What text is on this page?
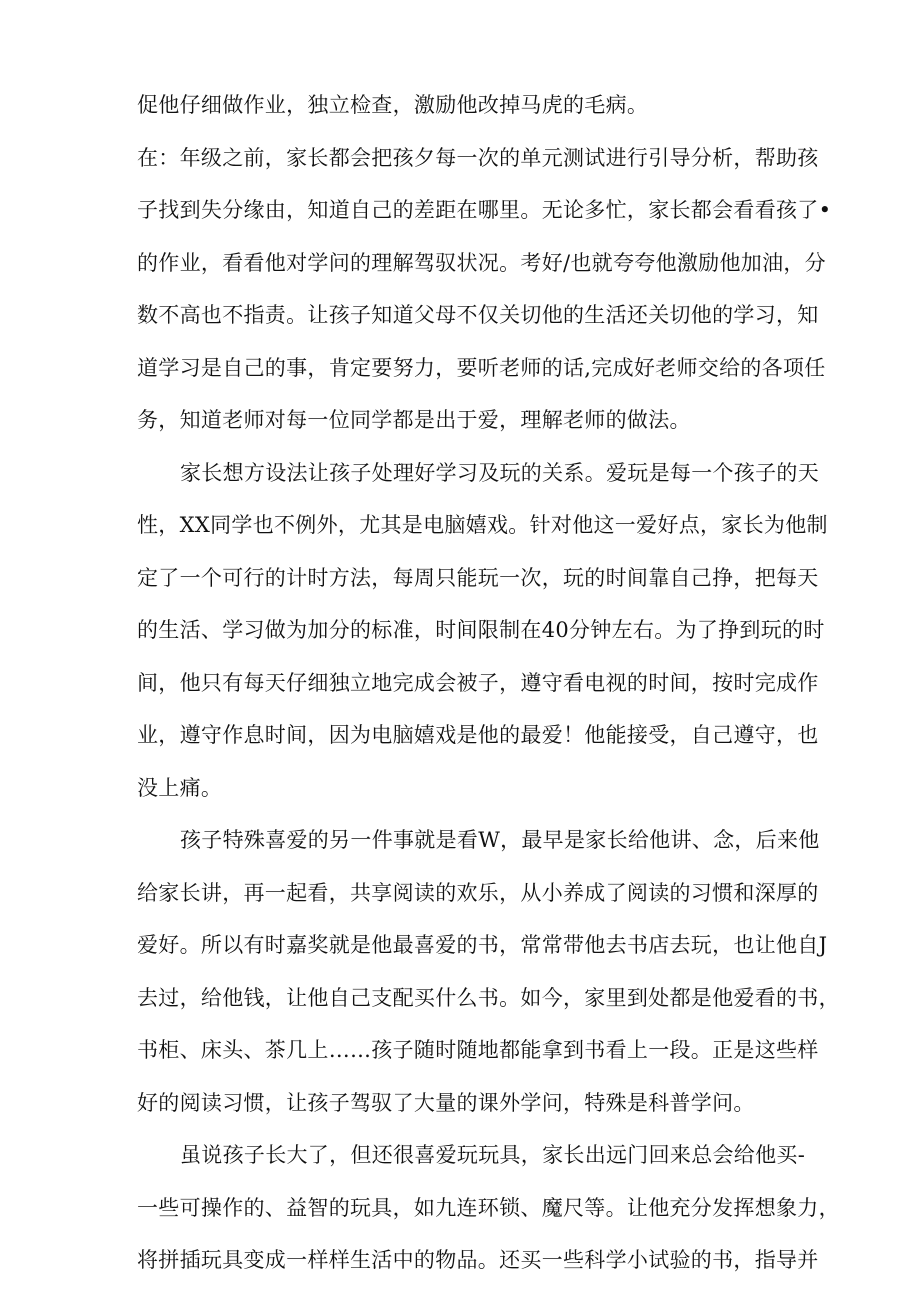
促他仔细做作业，独立检查，激励他改掉马虎的毛病。

在：年级之前，家长都会把孩夕每一次的单元测试进行引导分析，帮助孩

子找到失分缘由，知道自己的差距在哪里。无论多忙，家长都会看看孩了•

的作业，看看他对学问的理解驾驭状况。考好/也就夸夸他激励他加油，分

数不高也不指责。让孩子知道父母不仅关切他的生活还关切他的学习，知

道学习是自己的事，肯定要努力，要听老师的话,完成好老师交给的各项任

务，知道老师对每一位同学都是出于爱，理解老师的做法。

家长想方设法让孩子处理好学习及玩的关系。爱玩是每一个孩子的天

性，XX同学也不例外，尤其是电脑嬉戏。针对他这一爱好点，家长为他制

定了一个可行的计时方法，每周只能玩一次，玩的时间靠自己挣，把每天

的生活、学习做为加分的标准，时间限制在40分钟左右。为了挣到玩的时

间，他只有每天仔细独立地完成会被子，遵守看电视的时间，按时完成作

业，遵守作息时间，因为电脑嬉戏是他的最爱！他能接受，自己遵守，也

没上痛。

孩子特殊喜爱的另一件事就是看W，最早是家长给他讲、念，后来他

给家长讲，再一起看，共享阅读的欢乐，从小养成了阅读的习惯和深厚的

爱好。所以有时嘉奖就是他最喜爱的书，常常带他去书店去玩，也让他自J

去过，给他钱，让他自己支配买什么书。如今，家里到处都是他爱看的书，

书柜、床头、茶几上……孩子随时随地都能拿到书看上一段。正是这些样

好的阅读习惯，让孩子驾驭了大量的课外学问，特殊是科普学问。

虽说孩子长大了，但还很喜爱玩玩具，家长出远门回来总会给他买-

一些可操作的、益智的玩具，如九连环锁、魔尺等。让他充分发挥想象力，

将拼插玩具变成一样样生活中的物品。还买一些科学小试验的书，指导并
